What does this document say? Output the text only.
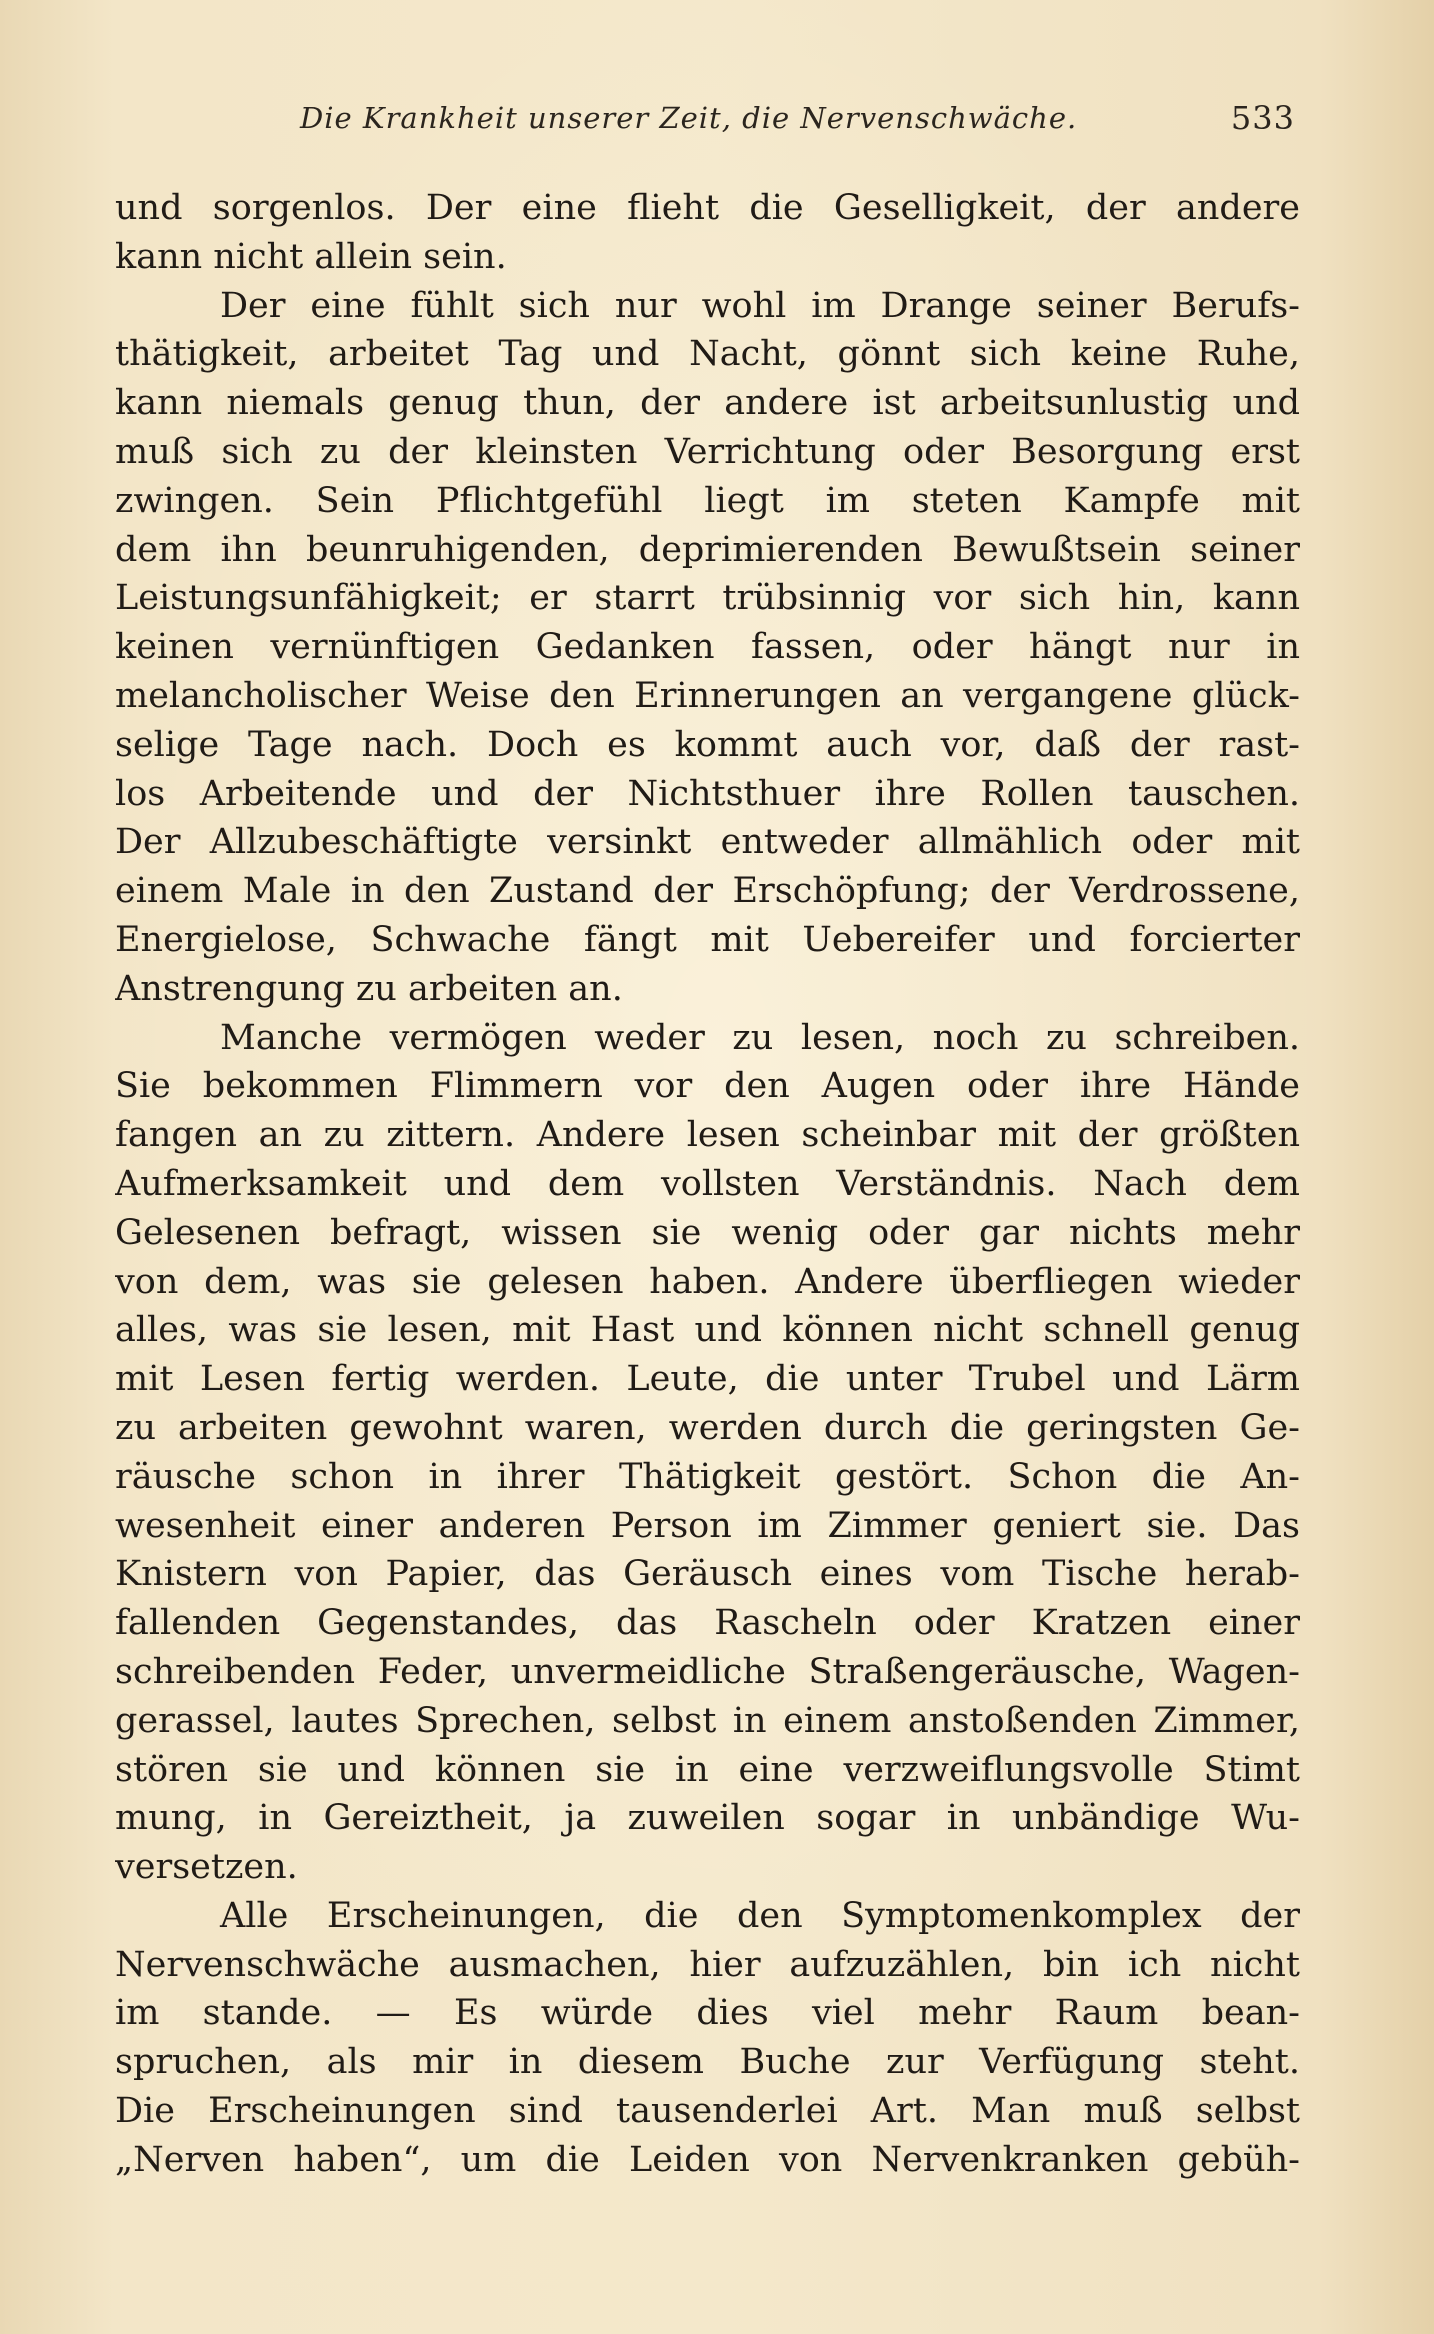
Die Krankheit unserer Zeit, die Nervenschwäche.	533
und sorgenlos. Der eine flieht die Geselligkeit, der andere
kann nicht allein sein.
Der eine fühlt sich nur wohl im Drange seiner Berufs-
thätigkeit, arbeitet Tag und Nacht, gönnt sich keine Ruhe,
kann niemals genug thun, der andere ist arbeitsunlustig und
muß sich zu der kleinsten Verrichtung oder Besorgung erst
zwingen. Sein Pflichtgefühl liegt im steten Kampfe mit
dem ihn beunruhigenden, deprimierenden Bewußtsein seiner
Leistungsunfähigkeit; er starrt trübsinnig vor sich hin, kann
keinen vernünftigen Gedanken fassen, oder hängt nur in
melancholischer Weise den Erinnerungen an vergangene glück-
selige Tage nach. Doch es kommt auch vor, daß der rast-
los Arbeitende und der Nichtsthuer ihre Rollen tauschen.
Der Allzubeschäftigte versinkt entweder allmählich oder mit
einem Male in den Zustand der Erschöpfung; der Verdrossene,
Energielose, Schwache fängt mit Uebereifer und forcierter
Anstrengung zu arbeiten an.
Manche vermögen weder zu lesen, noch zu schreiben.
Sie bekommen Flimmern vor den Augen oder ihre Hände
fangen an zu zittern. Andere lesen scheinbar mit der größten
Aufmerksamkeit und dem vollsten Verständnis. Nach dem
Gelesenen befragt, wissen sie wenig oder gar nichts mehr
von dem, was sie gelesen haben. Andere überfliegen wieder
alles, was sie lesen, mit Hast und können nicht schnell genug
mit Lesen fertig werden. Leute, die unter Trubel und Lärm
zu arbeiten gewohnt waren, werden durch die geringsten Ge-
räusche schon in ihrer Thätigkeit gestört. Schon die An-
wesenheit einer anderen Person im Zimmer geniert sie. Das
Knistern von Papier, das Geräusch eines vom Tische herab-
fallenden Gegenstandes, das Rascheln oder Kratzen einer
schreibenden Feder, unvermeidliche Straßengeräusche, Wagen-
gerassel, lautes Sprechen, selbst in einem anstoßenden Zimmer,
stören sie und können sie in eine verzweiflungsvolle Stimt
mung, in Gereiztheit, ja zuweilen sogar in unbändige Wu-
versetzen.
Alle Erscheinungen, die den Symptomenkomplex der
Nervenschwäche ausmachen, hier aufzuzählen, bin ich nicht
im stande. — Es würde dies viel mehr Raum bean-
spruchen, als mir in diesem Buche zur Verfügung steht.
Die Erscheinungen sind tausenderlei Art. Man muß selbst
„Nerven haben“, um die Leiden von Nervenkranken gebüh-
